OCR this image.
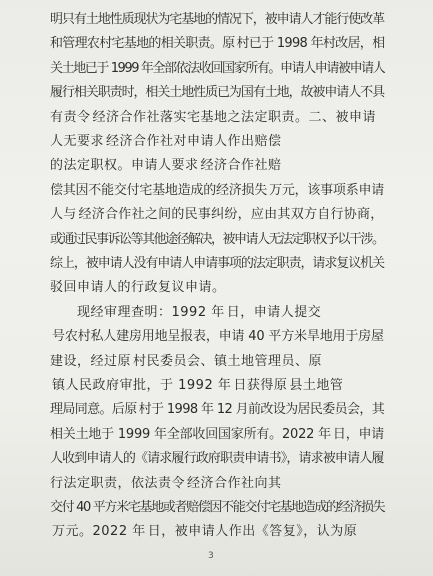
明只有土地性质现状为宅基地的情况下，被申请人才能行使改革
和管理农村宅基地的相关职责。原 村已于 1998 年村改居，相
关土地已于 1999 年全部依法收回国家所有。申请人申请被申请人
履行相关职责时，相关土地性质已为国有土地，故被申请人不具
有责令 经济合作社落实宅基地之法定职责。二、被申请
人无要求 经济合作社对申请人作出赔偿
的法定职权。申请人要求 经济合作社赔
偿其因不能交付宅基地造成的经济损失 万元，该事项系申请
人与 经济合作社之间的民事纠纷，应由其双方自行协商，
或通过民事诉讼等其他途径解决，被申请人无法定职权予以干涉。
综上，被申请人没有申请人申请事项的法定职责，请求复议机关
驳回申请人的行政复议申请。
　　现经审理查明：1992 年 日，申请人提交
号农村私人建房用地呈报表，申请 40 平方米旱地用于房屋
建设，经过原 村民委员会、镇土地管理员、原
镇人民政府审批，于 1992 年 日获得原 县土地管
理局同意。后原 村于 1998 年 12 月前改设为居民委员会，其
相关土地于 1999 年全部收回国家所有。2022 年 日，申请
人收到申请人的《请求履行政府职责申请书》，请求被申请人履
行法定职责，依法责令 经济合作社向其
交付 40 平方米宅基地或者赔偿因不能交付宅基地造成的经济损失
万元。2022 年 日，被申请人作出《答复》，认为原
3
